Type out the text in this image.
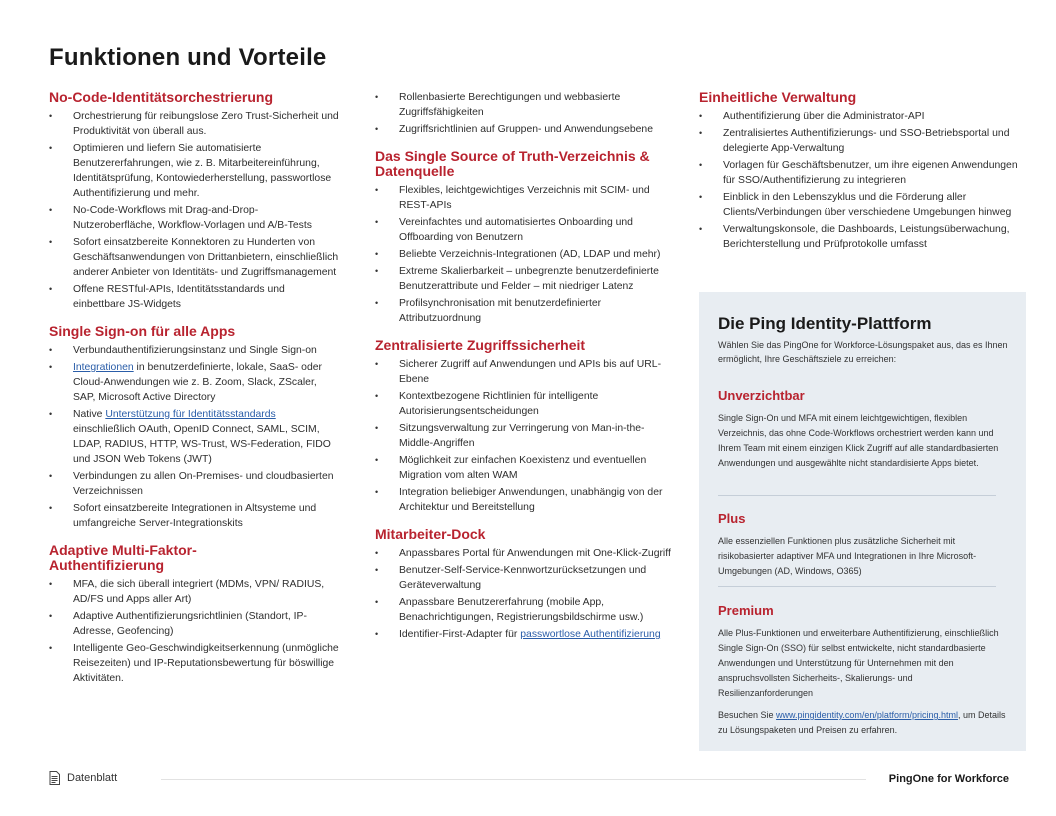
Funktionen und Vorteile
No-Code-Identitätsorchestrierung
• Orchestrierung für reibungslose Zero Trust-Sicherheit und Produktivität von überall aus.
• Optimieren und liefern Sie automatisierte Benutzererfahrungen, wie z. B. Mitarbeitereinführung, Identitätsprüfung, Kontowiederherstellung, passwortlose Authentifizierung und mehr.
• No-Code-Workflows mit Drag-and-Drop-Nutzeroberfläche, Workflow-Vorlagen und A/B-Tests
• Sofort einsatzbereite Konnektoren zu Hunderten von Geschäftsanwendungen von Drittanbietern, einschließlich anderer Anbieter von Identitäts- und Zugriffsmanagement
• Offene RESTful-APIs, Identitätsstandards und einbettbare JS-Widgets
Single Sign-on für alle Apps
• Verbundauthentifizierungsinstanz und Single Sign-on
• Integrationen in benutzerdefinierte, lokale, SaaS- oder Cloud-Anwendungen wie z. B. Zoom, Slack, ZScaler, SAP, Microsoft Active Directory
• Native Unterstützung für Identitätsstandards einschließlich OAuth, OpenID Connect, SAML, SCIM, LDAP, RADIUS, HTTP, WS-Trust, WS-Federation, FIDO und JSON Web Tokens (JWT)
• Verbindungen zu allen On-Premises- und cloudbasierten Verzeichnissen
• Sofort einsatzbereite Integrationen in Altsysteme und umfangreiche Server-Integrationskits
Adaptive Multi-Faktor-Authentifizierung
• MFA, die sich überall integriert (MDMs, VPN/ RADIUS, AD/FS und Apps aller Art)
• Adaptive Authentifizierungsrichtlinien (Standort, IP-Adresse, Geofencing)
• Intelligente Geo-Geschwindigkeitserkennung (unmögliche Reisezeiten) und IP-Reputationsbewertung für böswillige Aktivitäten.
• Rollenbasierte Berechtigungen und webbasierte Zugriffsfähigkeiten
• Zugriffsrichtlinien auf Gruppen- und Anwendungsebene
Das Single Source of Truth-Verzeichnis & Datenquelle
• Flexibles, leichtgewichtiges Verzeichnis mit SCIM- und REST-APIs
• Vereinfachtes und automatisiertes Onboarding und Offboarding von Benutzern
• Beliebte Verzeichnis-Integrationen (AD, LDAP und mehr)
• Extreme Skalierbarkeit – unbegrenzte benutzerdefinierte Benutzerattribute und Felder – mit niedriger Latenz
• Profilsynchronisation mit benutzerdefinierter Attributzuordnung
Zentralisierte Zugriffssicherheit
• Sicherer Zugriff auf Anwendungen und APIs bis auf URL-Ebene
• Kontextbezogene Richtlinien für intelligente Autorisierungsentscheidungen
• Sitzungsverwaltung zur Verringerung von Man-in-the-Middle-Angriffen
• Möglichkeit zur einfachen Koexistenz und eventuellen Migration vom alten WAM
• Integration beliebiger Anwendungen, unabhängig von der Architektur und Bereitstellung
Mitarbeiter-Dock
• Anpassbares Portal für Anwendungen mit One-Klick-Zugriff
• Benutzer-Self-Service-Kennwortzurücksetzungen und Geräteverwaltung
• Anpassbare Benutzererfahrung (mobile App, Benachrichtigungen, Registrierungsbildschirme usw.)
• Identifier-First-Adapter für passwortlose Authentifizierung
Einheitliche Verwaltung
• Authentifizierung über die Administrator-API
• Zentralisiertes Authentifizierungs- und SSO-Betriebsportal und delegierte App-Verwaltung
• Vorlagen für Geschäftsbenutzer, um ihre eigenen Anwendungen für SSO/Authentifizierung zu integrieren
• Einblick in den Lebenszyklus und die Förderung aller Clients/Verbindungen über verschiedene Umgebungen hinweg
• Verwaltungskonsole, die Dashboards, Leistungsüberwachung, Berichterstellung und Prüfprotokolle umfasst
Die Ping Identity-Plattform
Wählen Sie das PingOne for Workforce-Lösungspaket aus, das es Ihnen ermöglicht, Ihre Geschäftsziele zu erreichen:
Unverzichtbar

Single Sign-On und MFA mit einem leichtgewichtigen, flexiblen Verzeichnis, das ohne Code-Workflows orchestriert werden kann und Ihrem Team mit einem einzigen Klick Zugriff auf alle standardbasierten Anwendungen und ausgewählte nicht standardisierte Apps bietet.

Plus

Alle essenziellen Funktionen plus zusätzliche Sicherheit mit risikobasierter adaptiver MFA und Integrationen in Ihre Microsoft-Umgebungen (AD, Windows, O365)

Premium

Alle Plus-Funktionen und erweiterbare Authentifizierung, einschließlich Single Sign-On (SSO) für selbst entwickelte, nicht standardbasierte Anwendungen und Unterstützung für Unternehmen mit den anspruchsvollsten Sicherheits-, Skalierungs- und Resilienzanforderungen

Besuchen Sie www.pingidentity.com/en/platform/pricing.html, um Details zu Lösungspaketen und Preisen zu erfahren.
Datenblatt	PingOne for Workforce
